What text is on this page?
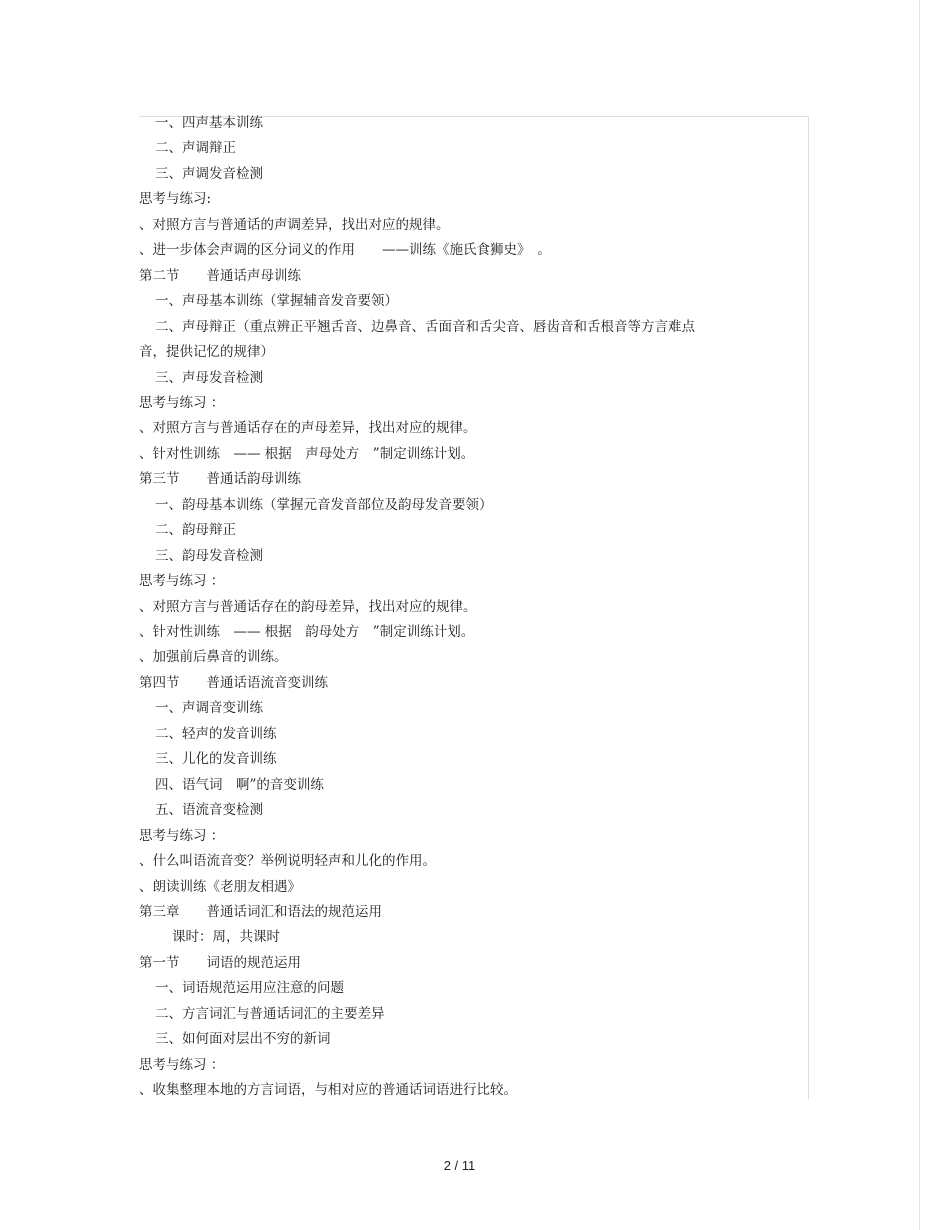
一、四声基本训练
二、声调辩正
三、声调发音检测
思考与练习:
、对照方言与普通话的声调差异，找出对应的规律。
、进一步体会声调的区分词义的作用　　——训练《施氏食狮史》　。
第二节　　普通话声母训练
一、声母基本训练（掌握辅音发音要领）
二、声母辩正（重点辨正平翘舌音、边鼻音、舌面音和舌尖音、唇齿音和舌根音等方言难点
音，提供记忆的规律）
三、声母发音检测
思考与练习 ：
、对照方言与普通话存在的声母差异，找出对应的规律。
、针对性训练　—— 根据　声母处方　”制定训练计划。
第三节　　普通话韵母训练
一、韵母基本训练（掌握元音发音部位及韵母发音要领）
二、韵母辩正
三、韵母发音检测
思考与练习 ：
、对照方言与普通话存在的韵母差异，找出对应的规律。
、针对性训练　—— 根据　韵母处方　”制定训练计划。
、加强前后鼻音的训练。
第四节　　普通话语流音变训练
一、声调音变训练
二、轻声的发音训练
三、儿化的发音训练
四、语气词　啊”的音变训练
五、语流音变检测
思考与练习 ：
、什么叫语流音变？举例说明轻声和儿化的作用。
、朗读训练《老朋友相遇》
第三章　　普通话词汇和语法的规范运用
课时：周，共课时
第一节　　词语的规范运用
一、词语规范运用应注意的问题
二、方言词汇与普通话词汇的主要差异
三、如何面对层出不穷的新词
思考与练习 ：
、收集整理本地的方言词语，与相对应的普通话词语进行比较。
2 / 11
